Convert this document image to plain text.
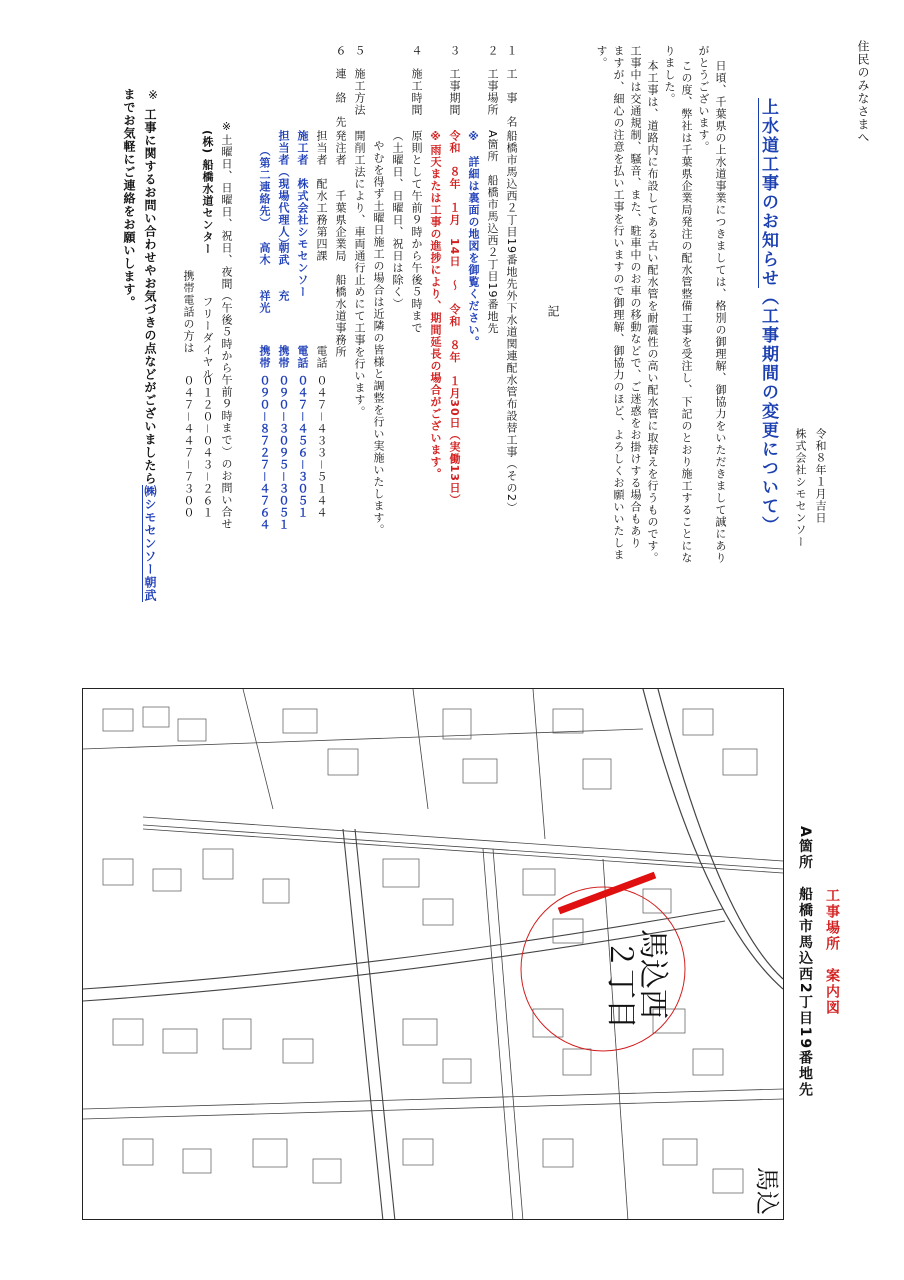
住民のみなさまへ
令和８年１月吉日
株式会社シモセンソー
上水道工事のお知らせ（工事期間の変更について）
日頃、千葉県の上水道事業につきましては、格別の御理解、御協力をいただきまして誠にあり
がとうございます。
この度、弊社は千葉県企業局発注の配水管整備工事を受注し、下記のとおり施工することにな
りました。
本工事は、道路内に布設してある古い配水管を耐震性の高い配水管に取替えを行うものです。
工事中は交通規制、騒音、また、駐車中のお車の移動などで、ご迷惑をお掛けする場合もあり
ますが、細心の注意を払い工事を行いますので御理解、御協力のほど、よろしくお願いいたしま
す。
記
１
工　事　名
船橋市馬込西２丁目19番地先外下水道関連配水管布設替工事（その2）
２
工事場所
A箇所　船橋市馬込西２丁目19番地先
※　詳細は裏面の地図を御覧ください。
３
工事期間
令和　８年　１月　14日　～　令和　８年　１月30日（実働13日）
※雨天または工事の進捗により、期間延長の場合がございます。
４
施工時間
原則として午前９時から午後５時まで
（土曜日、日曜日、祝日は除く）
やむを得ず土曜日施工の場合は近隣の皆様と調整を行い実施いたします。
５
施工方法
開削工法により、車両通行止めにて工事を行います。
６
連　絡　先
発注者　　千葉県企業局　船橋水道事務所
担当者
配水工務第四課
電話
０４７－４３３－５１４４
施工者
株式会社シモセンソー
電話
０４７－４５６－３０５１
担当者（現場代理人）
朝武　　充
携帯
０９０－３０９５－３０５１
（第二連絡先）
高木　　祥光
携帯
０９０－８７２７－４７６４
※土曜日、日曜日、祝日、夜間（午後５時から午前９時まで）のお問い合せ
(株) 船橋水道センター
フリーダイヤル
０１２０－０４３－２６１
携帯電話の方は
０４７－４４７－７３００
※
工事に関するお問い合わせやお気づきの点などがございましたら㈱シモセンソー朝武
までお気軽にご連絡をお願いします。
工事場所　案内図
A箇所　船橋市馬込西2丁目19番地先
馬込西
２丁目
馬込
